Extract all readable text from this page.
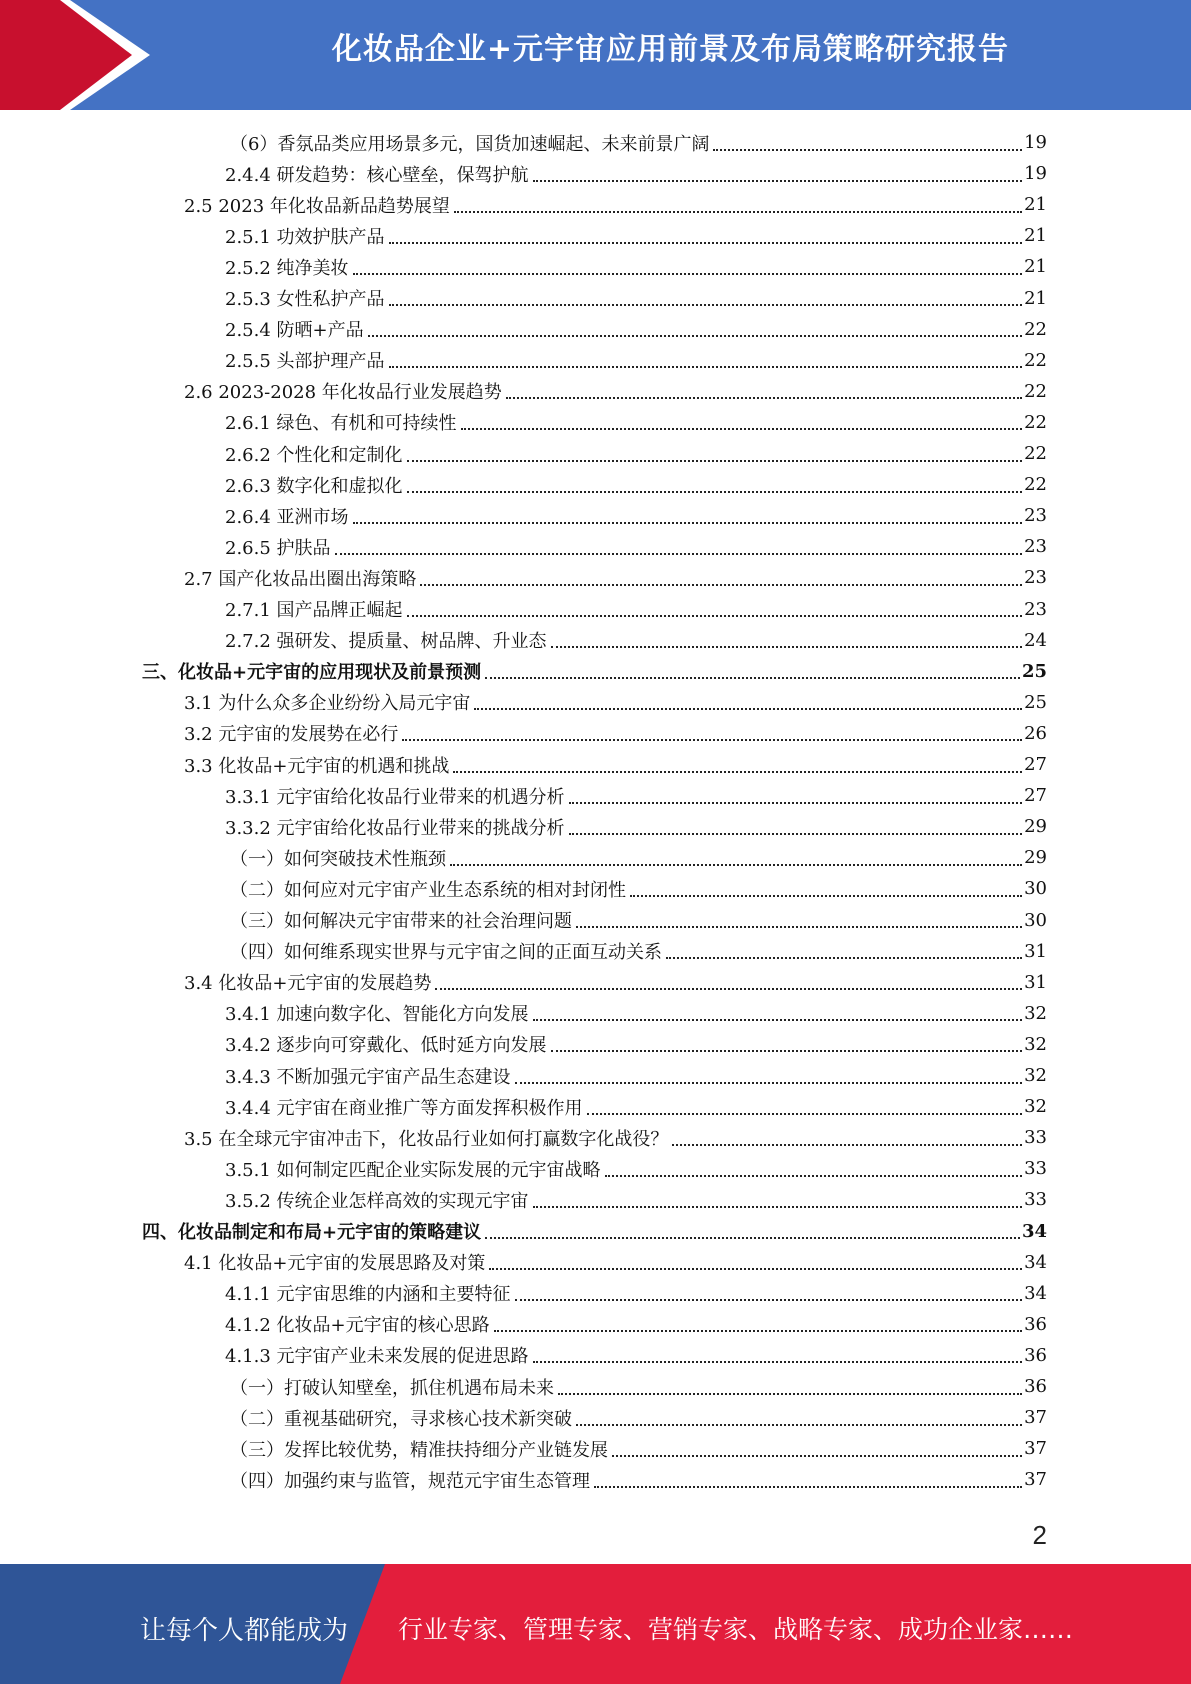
化妆品企业+元宇宙应用前景及布局策略研究报告
（6）香氛品类应用场景多元，国货加速崛起、未来前景广阔	19
2.4.4 研发趋势：核心壁垒，保驾护航	19
2.5 2023 年化妆品新品趋势展望	21
2.5.1 功效护肤产品	21
2.5.2 纯净美妆	21
2.5.3 女性私护产品	21
2.5.4 防晒+产品	22
2.5.5 头部护理产品	22
2.6 2023-2028 年化妆品行业发展趋势	22
2.6.1 绿色、有机和可持续性	22
2.6.2 个性化和定制化	22
2.6.3 数字化和虚拟化	22
2.6.4 亚洲市场	23
2.6.5 护肤品	23
2.7 国产化妆品出圈出海策略	23
2.7.1 国产品牌正崛起	23
2.7.2 强研发、提质量、树品牌、升业态	24
三、化妆品+元宇宙的应用现状及前景预测	25
3.1 为什么众多企业纷纷入局元宇宙	25
3.2 元宇宙的发展势在必行	26
3.3 化妆品+元宇宙的机遇和挑战	27
3.3.1 元宇宙给化妆品行业带来的机遇分析	27
3.3.2 元宇宙给化妆品行业带来的挑战分析	29
（一）如何突破技术性瓶颈	29
（二）如何应对元宇宙产业生态系统的相对封闭性	30
（三）如何解决元宇宙带来的社会治理问题	30
（四）如何维系现实世界与元宇宙之间的正面互动关系	31
3.4 化妆品+元宇宙的发展趋势	31
3.4.1 加速向数字化、智能化方向发展	32
3.4.2 逐步向可穿戴化、低时延方向发展	32
3.4.3 不断加强元宇宙产品生态建设	32
3.4.4 元宇宙在商业推广等方面发挥积极作用	32
3.5 在全球元宇宙冲击下，化妆品行业如何打赢数字化战役？	33
3.5.1 如何制定匹配企业实际发展的元宇宙战略	33
3.5.2 传统企业怎样高效的实现元宇宙	33
四、化妆品制定和布局+元宇宙的策略建议	34
4.1 化妆品+元宇宙的发展思路及对策	34
4.1.1 元宇宙思维的内涵和主要特征	34
4.1.2 化妆品+元宇宙的核心思路	36
4.1.3 元宇宙产业未来发展的促进思路	36
（一）打破认知壁垒，抓住机遇布局未来	36
（二）重视基础研究，寻求核心技术新突破	37
（三）发挥比较优势，精准扶持细分产业链发展	37
（四）加强约束与监管，规范元宇宙生态管理	37
2
让每个人都能成为 行业专家、管理专家、营销专家、战略专家、成功企业家……
